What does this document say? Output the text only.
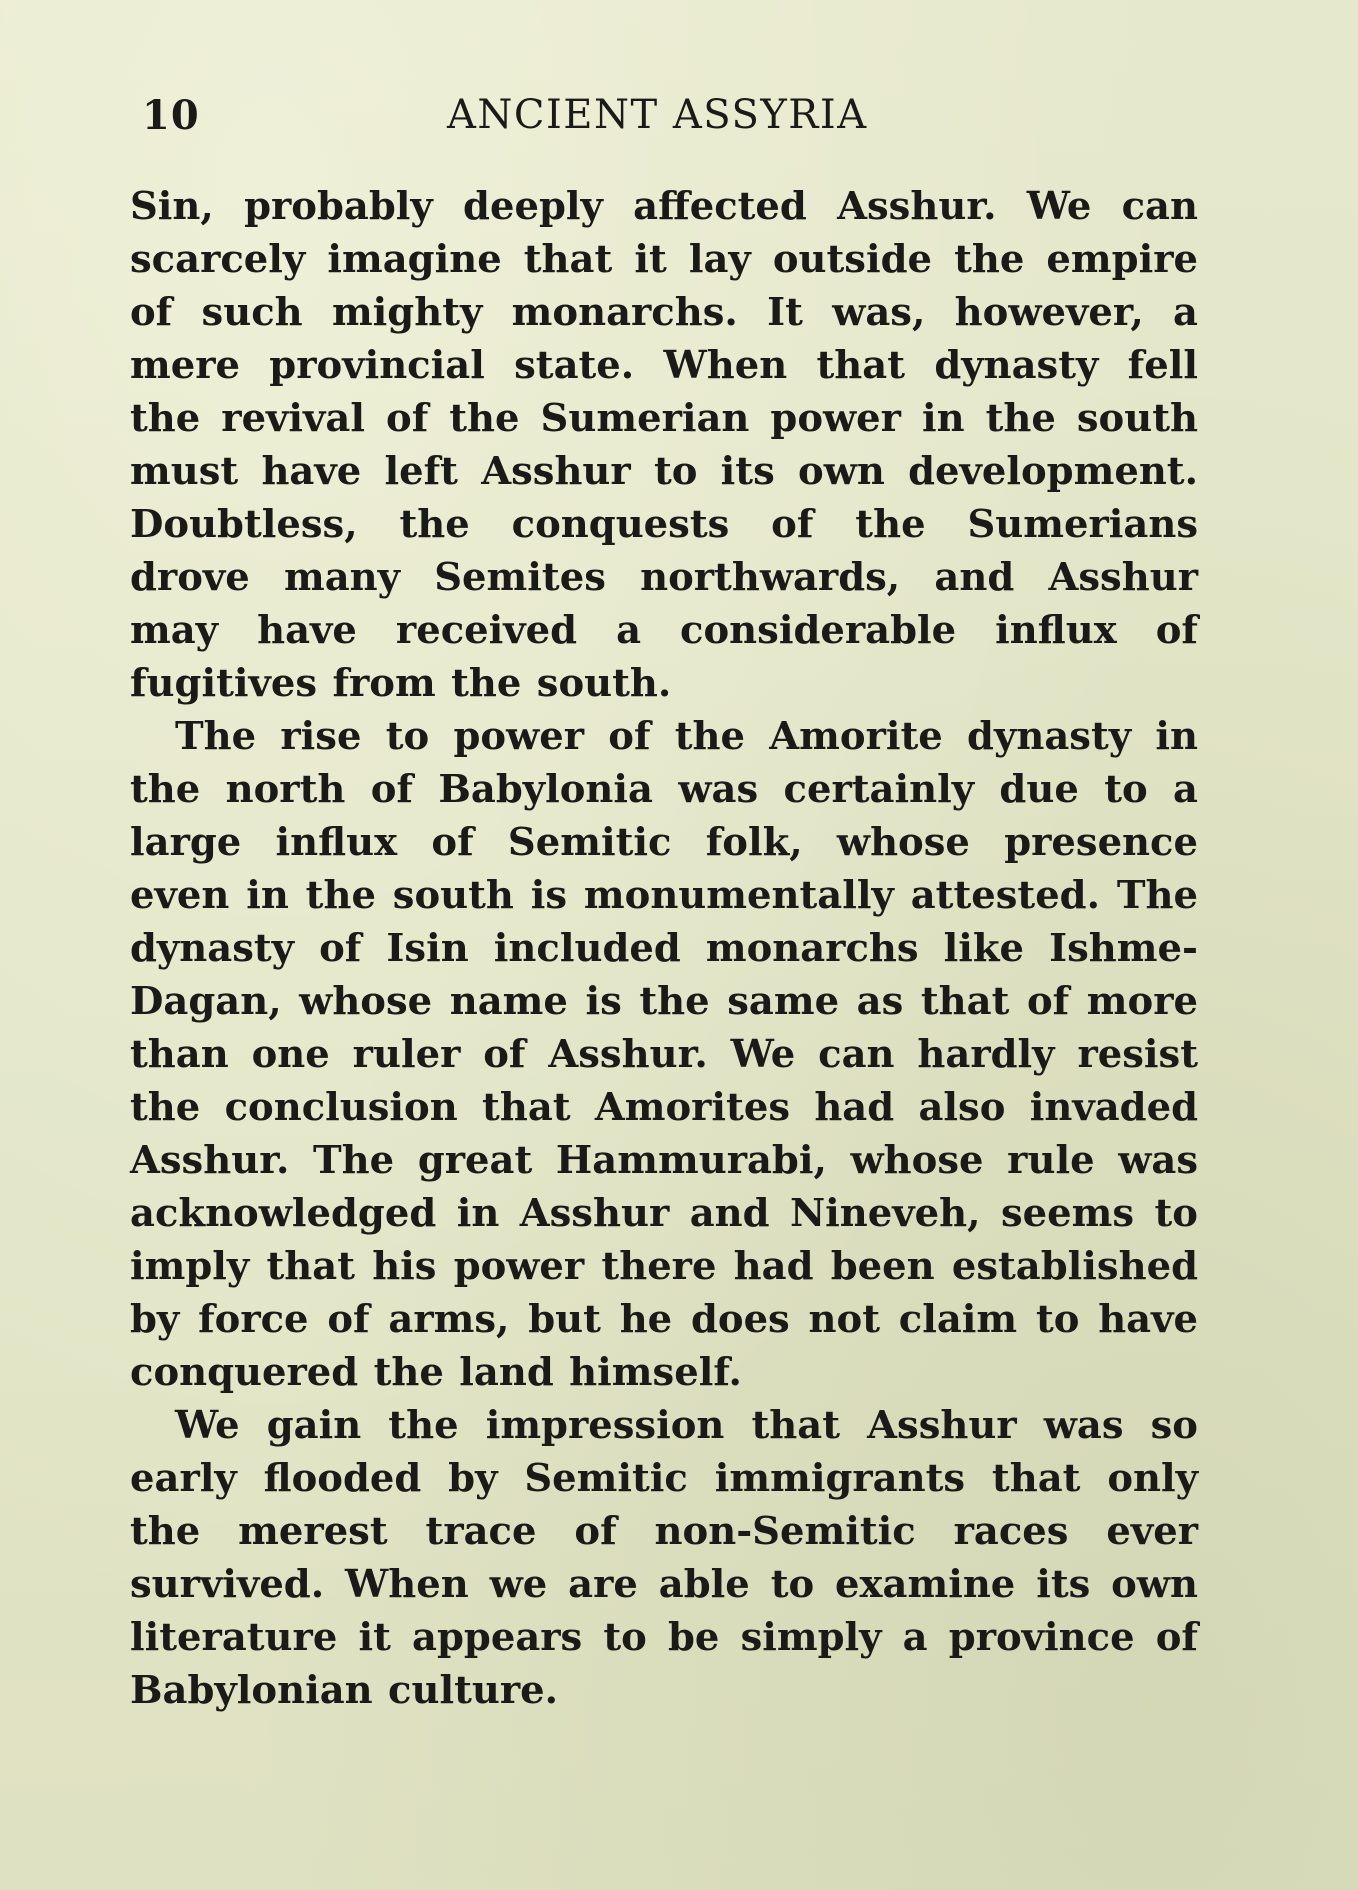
10	ANCIENT ASSYRIA

Sin, probably deeply affected Asshur. We can scarcely imagine that it lay outside the empire of such mighty monarchs. It was, however, a mere provincial state. When that dynasty fell the revival of the Sumerian power in the south must have left Asshur to its own development. Doubtless, the conquests of the Sumerians drove many Semites northwards, and Asshur may have received a considerable influx of fugitives from the south.

The rise to power of the Amorite dynasty in the north of Babylonia was certainly due to a large influx of Semitic folk, whose presence even in the south is monumentally attested. The dynasty of Isin included monarchs like Ishme-Dagan, whose name is the same as that of more than one ruler of Asshur. We can hardly resist the conclusion that Amorites had also invaded Asshur. The great Hammurabi, whose rule was acknowledged in Asshur and Nineveh, seems to imply that his power there had been established by force of arms, but he does not claim to have conquered the land himself.

We gain the impression that Asshur was so early flooded by Semitic immigrants that only the merest trace of non-Semitic races ever survived. When we are able to examine its own literature it appears to be simply a province of Babylonian culture.
